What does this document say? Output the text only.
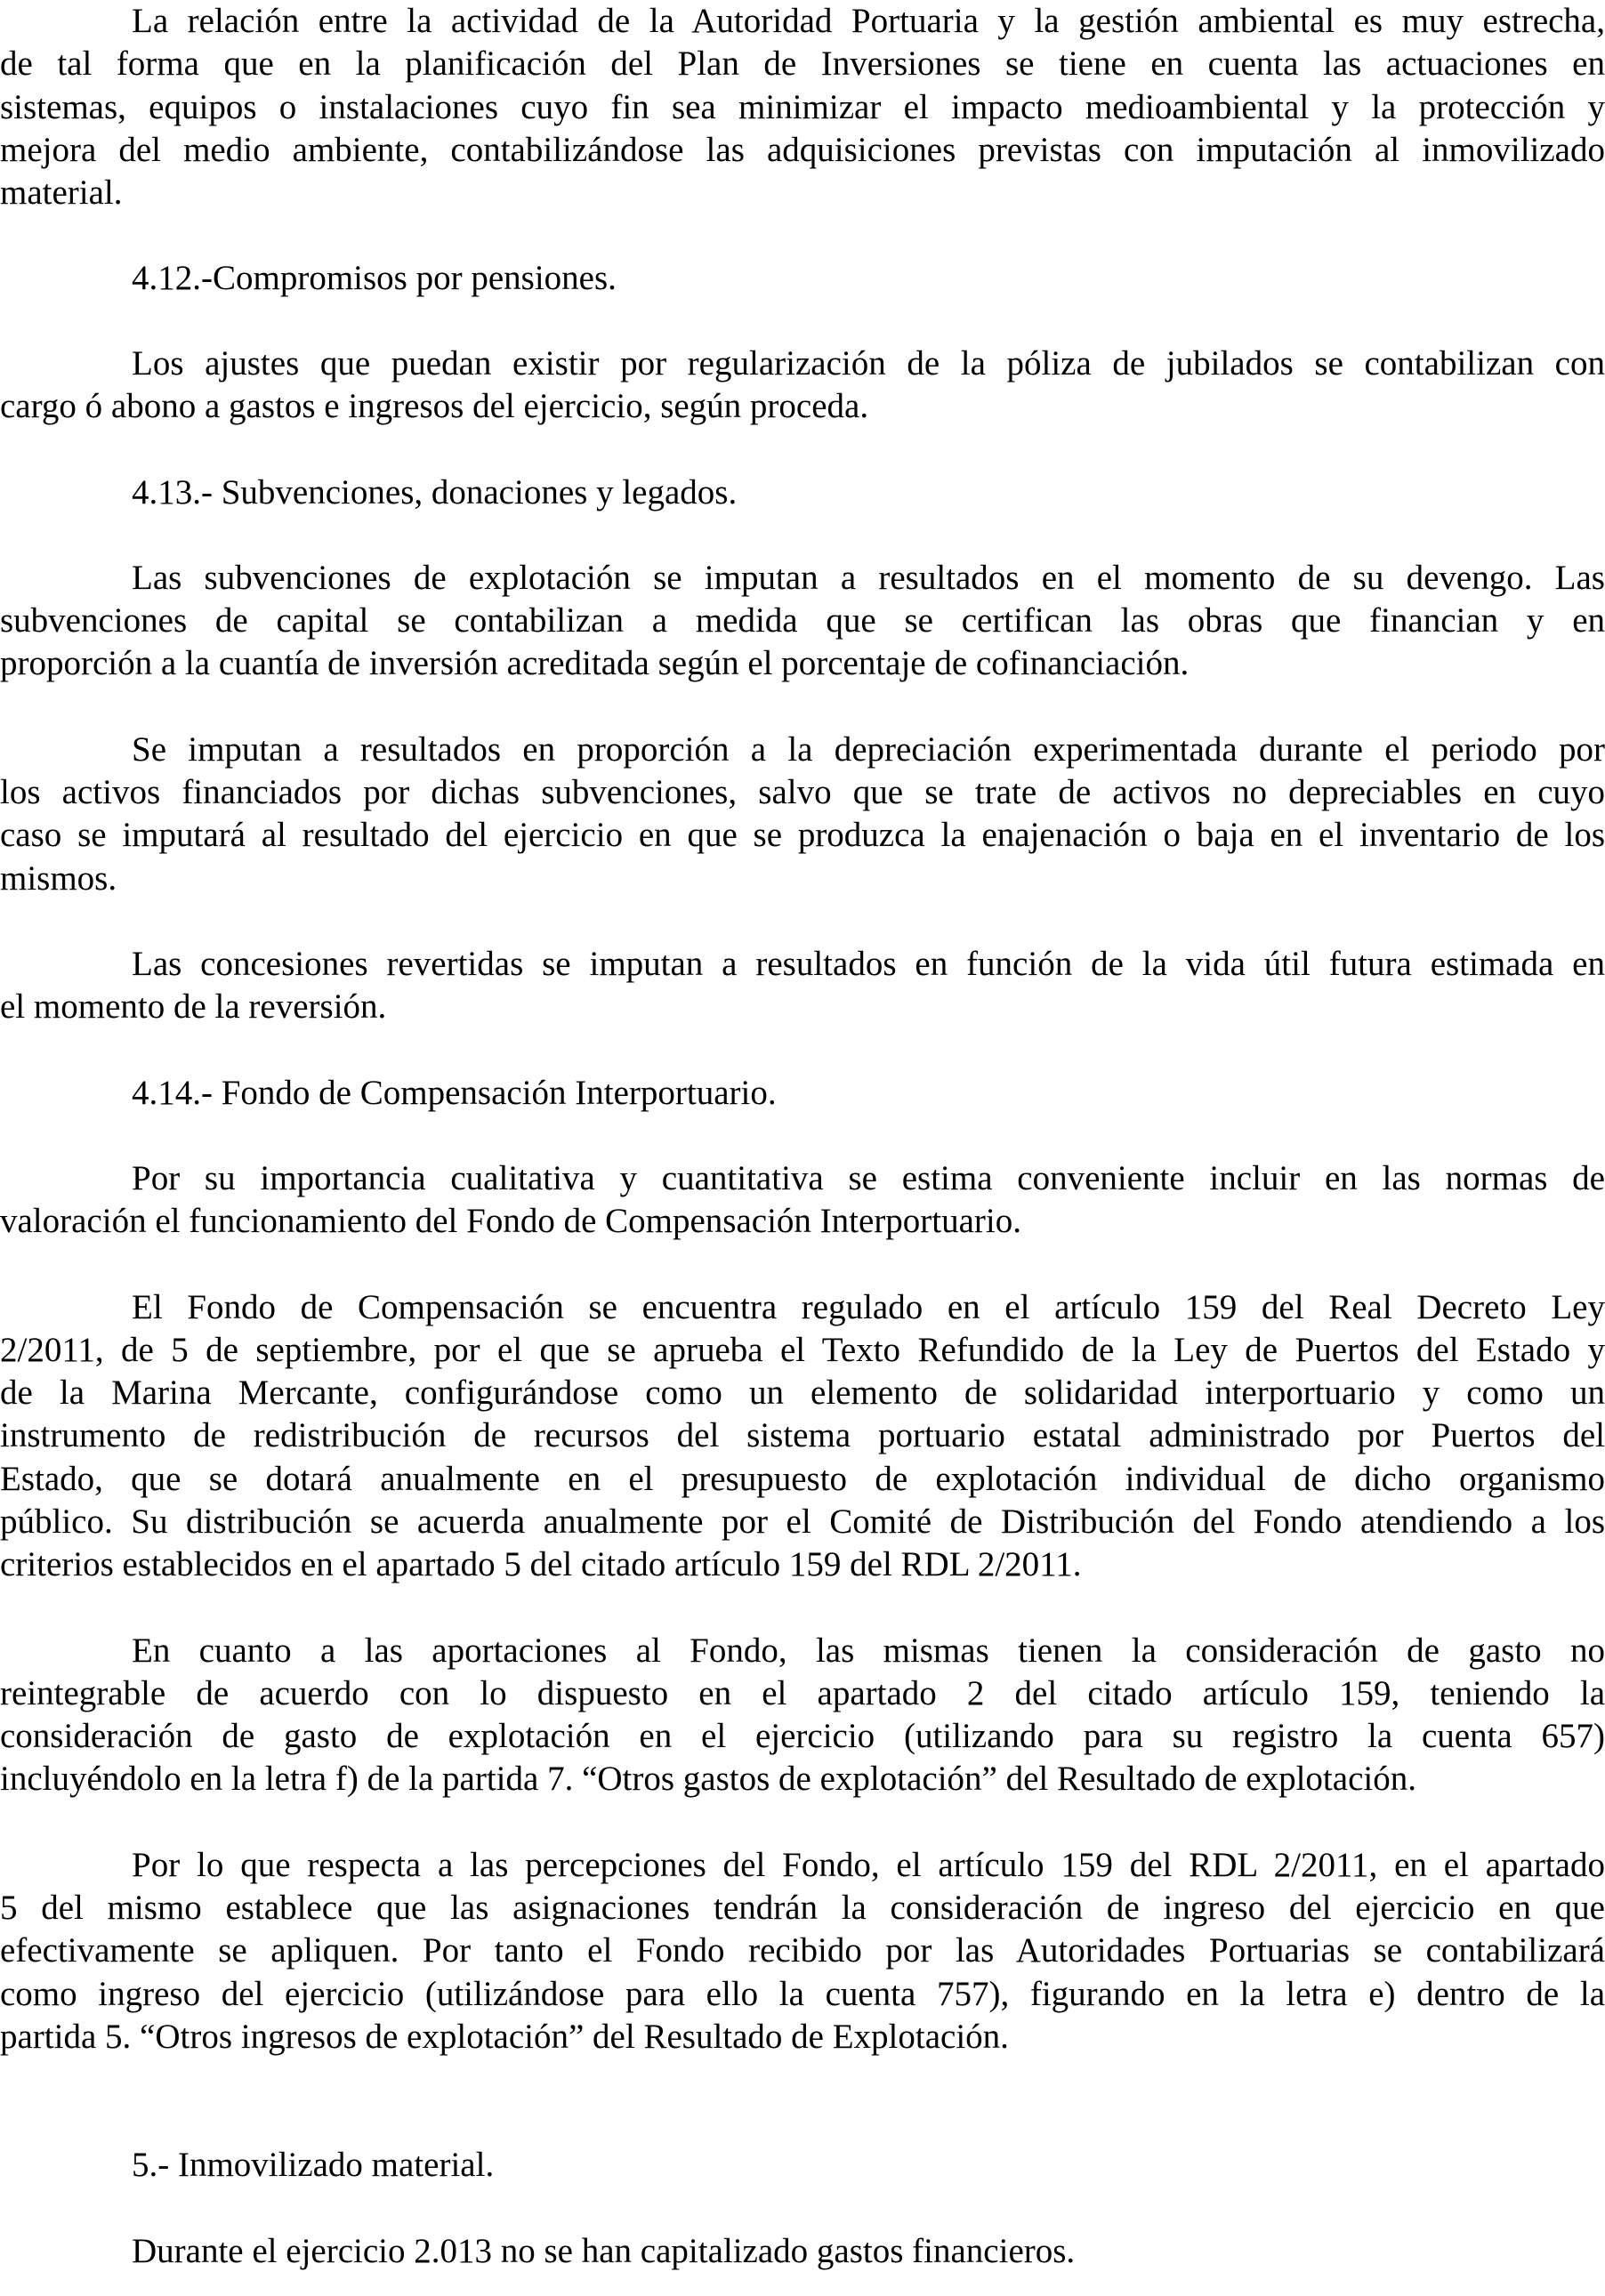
La relación entre la actividad de la Autoridad Portuaria y la gestión ambiental es muy estrecha,
de tal forma que en la planificación del Plan de Inversiones se tiene en cuenta las actuaciones en
sistemas, equipos o instalaciones cuyo fin sea minimizar el impacto medioambiental y la protección y
mejora del medio ambiente, contabilizándose las adquisiciones previstas con imputación al inmovilizado
material.
4.12.-Compromisos por pensiones.
Los ajustes que puedan existir por regularización de la póliza de jubilados se contabilizan con
cargo ó abono a gastos e ingresos del ejercicio, según proceda.
4.13.- Subvenciones, donaciones y legados.
Las subvenciones de explotación se imputan a resultados en el momento de su devengo. Las
subvenciones de capital se contabilizan a medida que se certifican las obras que financian y en
proporción a la cuantía de inversión acreditada según el porcentaje de cofinanciación.
Se imputan a resultados en proporción a la depreciación experimentada durante el periodo por
los activos financiados por dichas subvenciones, salvo que se trate de activos no depreciables en cuyo
caso se imputará al resultado del ejercicio en que se produzca la enajenación o baja en el inventario de los
mismos.
Las concesiones revertidas se imputan a resultados en función de la vida útil futura estimada en
el momento de la reversión.
4.14.- Fondo de Compensación Interportuario.
Por su importancia cualitativa y cuantitativa se estima conveniente incluir en las normas de
valoración el funcionamiento del Fondo de Compensación Interportuario.
El Fondo de Compensación se encuentra regulado en el artículo 159 del Real Decreto Ley
2/2011, de 5 de septiembre, por el que se aprueba el Texto Refundido de la Ley de Puertos del Estado y
de la Marina Mercante, configurándose como un elemento de solidaridad interportuario y como un
instrumento de redistribución de recursos del sistema portuario estatal administrado por Puertos del
Estado, que se dotará anualmente en el presupuesto de explotación individual de dicho organismo
público. Su distribución se acuerda anualmente por el Comité de Distribución del Fondo atendiendo a los
criterios establecidos en el apartado 5 del citado artículo 159 del RDL 2/2011.
En cuanto a las aportaciones al Fondo, las mismas tienen la consideración de gasto no
reintegrable de acuerdo con lo dispuesto en el apartado 2 del citado artículo 159, teniendo la
consideración de gasto de explotación en el ejercicio (utilizando para su registro la cuenta 657)
incluyéndolo en la letra f) de la partida 7. “Otros gastos de explotación” del Resultado de explotación.
Por lo que respecta a las percepciones del Fondo, el artículo 159 del RDL 2/2011, en el apartado
5 del mismo establece que las asignaciones tendrán la consideración de ingreso del ejercicio en que
efectivamente se apliquen. Por tanto el Fondo recibido por las Autoridades Portuarias se contabilizará
como ingreso del ejercicio (utilizándose para ello la cuenta 757), figurando en la letra e) dentro de la
partida 5. “Otros ingresos de explotación” del Resultado de Explotación.
5.- Inmovilizado material.
Durante el ejercicio 2.013 no se han capitalizado gastos financieros.
